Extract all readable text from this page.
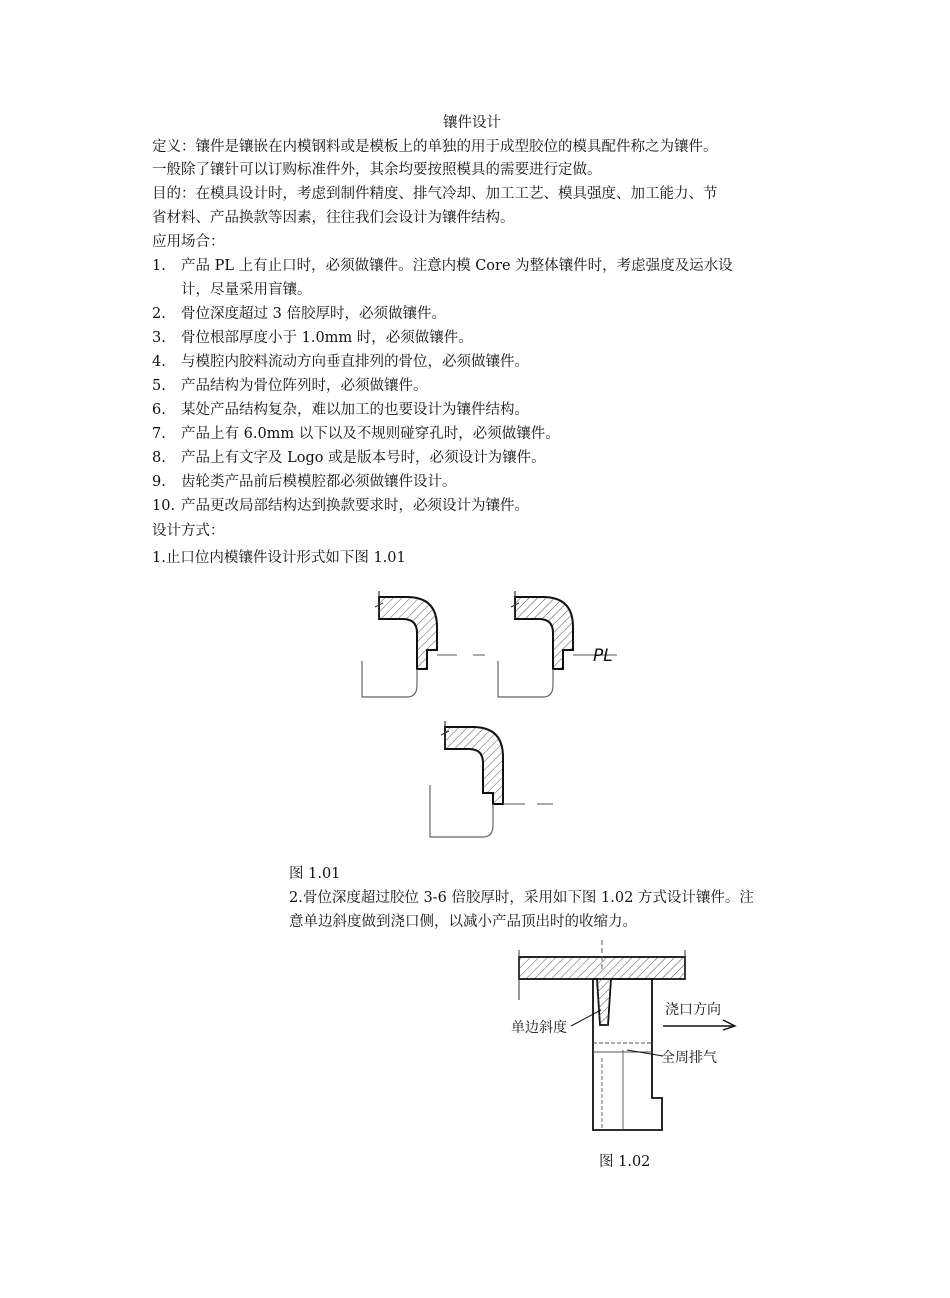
镶件设计

定义：镶件是镶嵌在内模钢料或是模板上的单独的用于成型胶位的模具配件称之为镶件。

一般除了镶针可以订购标准件外，其余均要按照模具的需要进行定做。

目的：在模具设计时，考虑到制件精度、排气冷却、加工工艺、模具强度、加工能力、节

省材料、产品换款等因素，往往我们会设计为镶件结构。

应用场合：

1. 产品 PL 上有止口时，必须做镶件。注意内模 Core 为整体镶件时，考虑强度及运水设
计，尽量采用盲镶。
2. 骨位深度超过 3 倍胶厚时，必须做镶件。
3. 骨位根部厚度小于 1.0mm 时，必须做镶件。
4. 与模腔内胶料流动方向垂直排列的骨位，必须做镶件。
5. 产品结构为骨位阵列时，必须做镶件。
6. 某处产品结构复杂，难以加工的也要设计为镶件结构。
7. 产品上有 6.0mm 以下以及不规则碰穿孔时，必须做镶件。
8. 产品上有文字及 Logo 或是版本号时，必须设计为镶件。
9. 齿轮类产品前后模模腔都必须做镶件设计。
10. 产品更改局部结构达到换款要求时，必须设计为镶件。

设计方式：

1.止口位内模镶件设计形式如下图 1.01

PL

图 1.01

2.骨位深度超过胶位 3-6 倍胶厚时，采用如下图 1.02 方式设计镶件。注

意单边斜度做到浇口侧，以减小产品顶出时的收缩力。

浇口方向
单边斜度
全周排气

图 1.02
